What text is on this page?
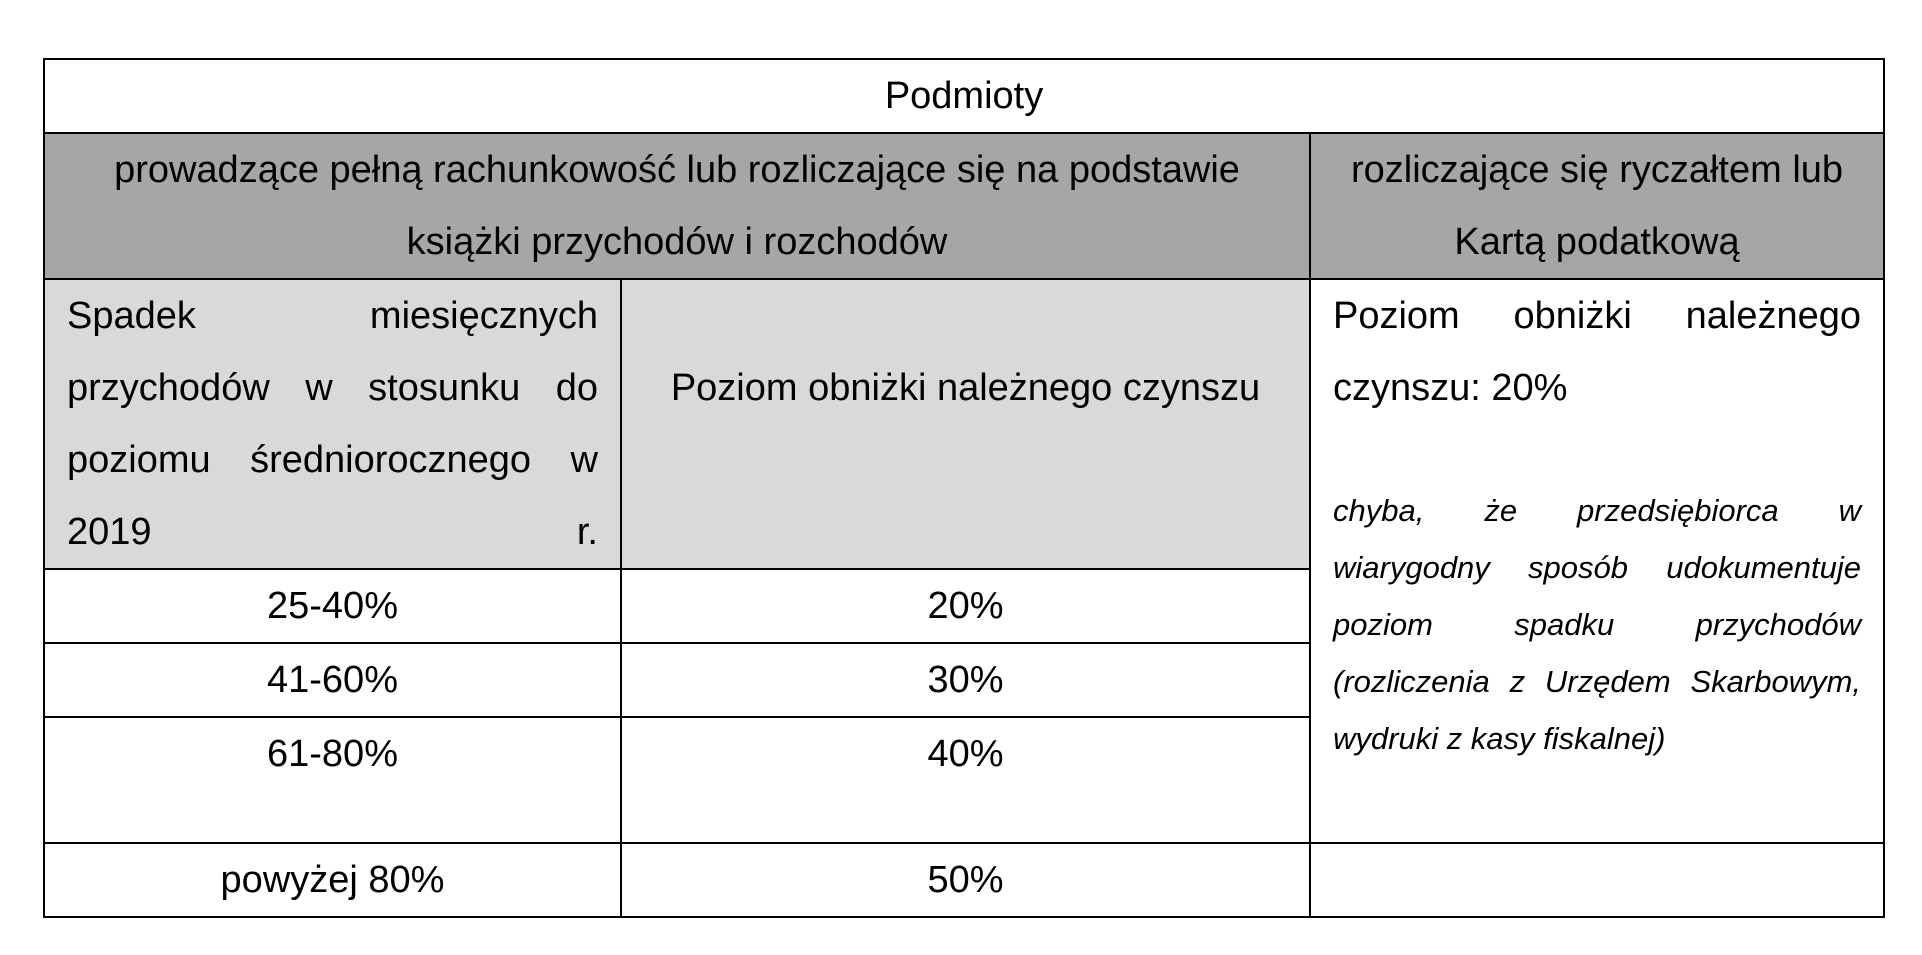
Podmioty		
prowadzące pełną rachunkowość lub rozliczające się na podstawie książki przychodów i rozchodów		rozliczające się ryczałtem lub Kartą podatkową
Spadek miesięcznych przychodów w stosunku do poziomu średniorocznego w 2019 r.	Poziom obniżki należnego czynszu	Poziom obniżki należnego czynszu: 20%
chyba, że przedsiębiorca w wiarygodny sposób udokumentuje poziom spadku przychodów (rozliczenia z Urzędem Skarbowym, wydruki z kasy fiskalnej)

25-40%	20%	
41-60%	30%	
61-80%	40%	
powyżej 80%	50%	
